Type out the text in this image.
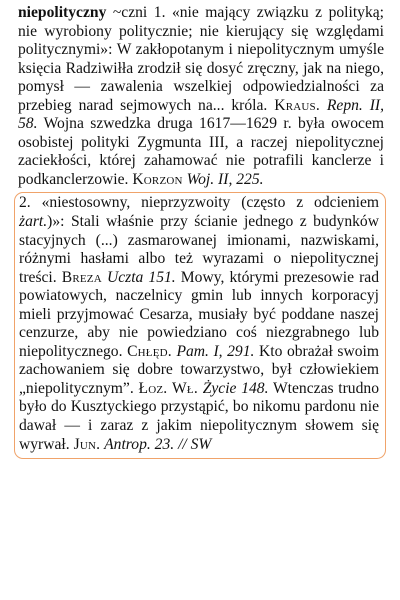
niepolityczny ~czni 1. «nie mający związku z polityką; nie wyrobiony politycznie; nie kierujący się względami politycznymi»: W zakłopotanym i niepolitycznym umyśle księcia Radziwiłła zrodził się dosyć zręczny, jak na niego, pomysł — zawalenia wszelkiej odpowiedzialności za przebieg narad sejmowych na... króla. Kraus. Repn. II, 58. Wojna szwedzka druga 1617—1629 r. była owocem osobistej polityki Zygmunta III, a raczej niepolitycznej zaciekłości, której zahamować nie potrafili kanclerze i podkanclerzowie. Korzon Woj. II, 225.
2. «niestosowny, nieprzyzwoity (często z odcieniem żart.)»: Stali właśnie przy ścianie jednego z budynków stacyjnych (...) zasmarowanej imionami, nazwiskami, różnymi hasłami albo też wyrazami o niepolitycznej treści. Breza Uczta 151. Mowy, którymi prezesowie rad powiatowych, naczelnicy gmin lub innych korporacyj mieli przyjmować Cesarza, musiały być poddane naszej cenzurze, aby nie powiedziano coś niezgrabnego lub niepolitycznego. Chłęd. Pam. I, 291. Kto obrażał swoim zachowaniem się dobre towarzystwo, był człowiekiem „niepolitycznym”. Łoz. Wł. Życie 148. Wtenczas trudno było do Kusztyckiego przystąpić, bo nikomu pardonu nie dawał — i zaraz z jakim niepolitycznym słowem się wyrwał. Jun. Antrop. 23. // SW
